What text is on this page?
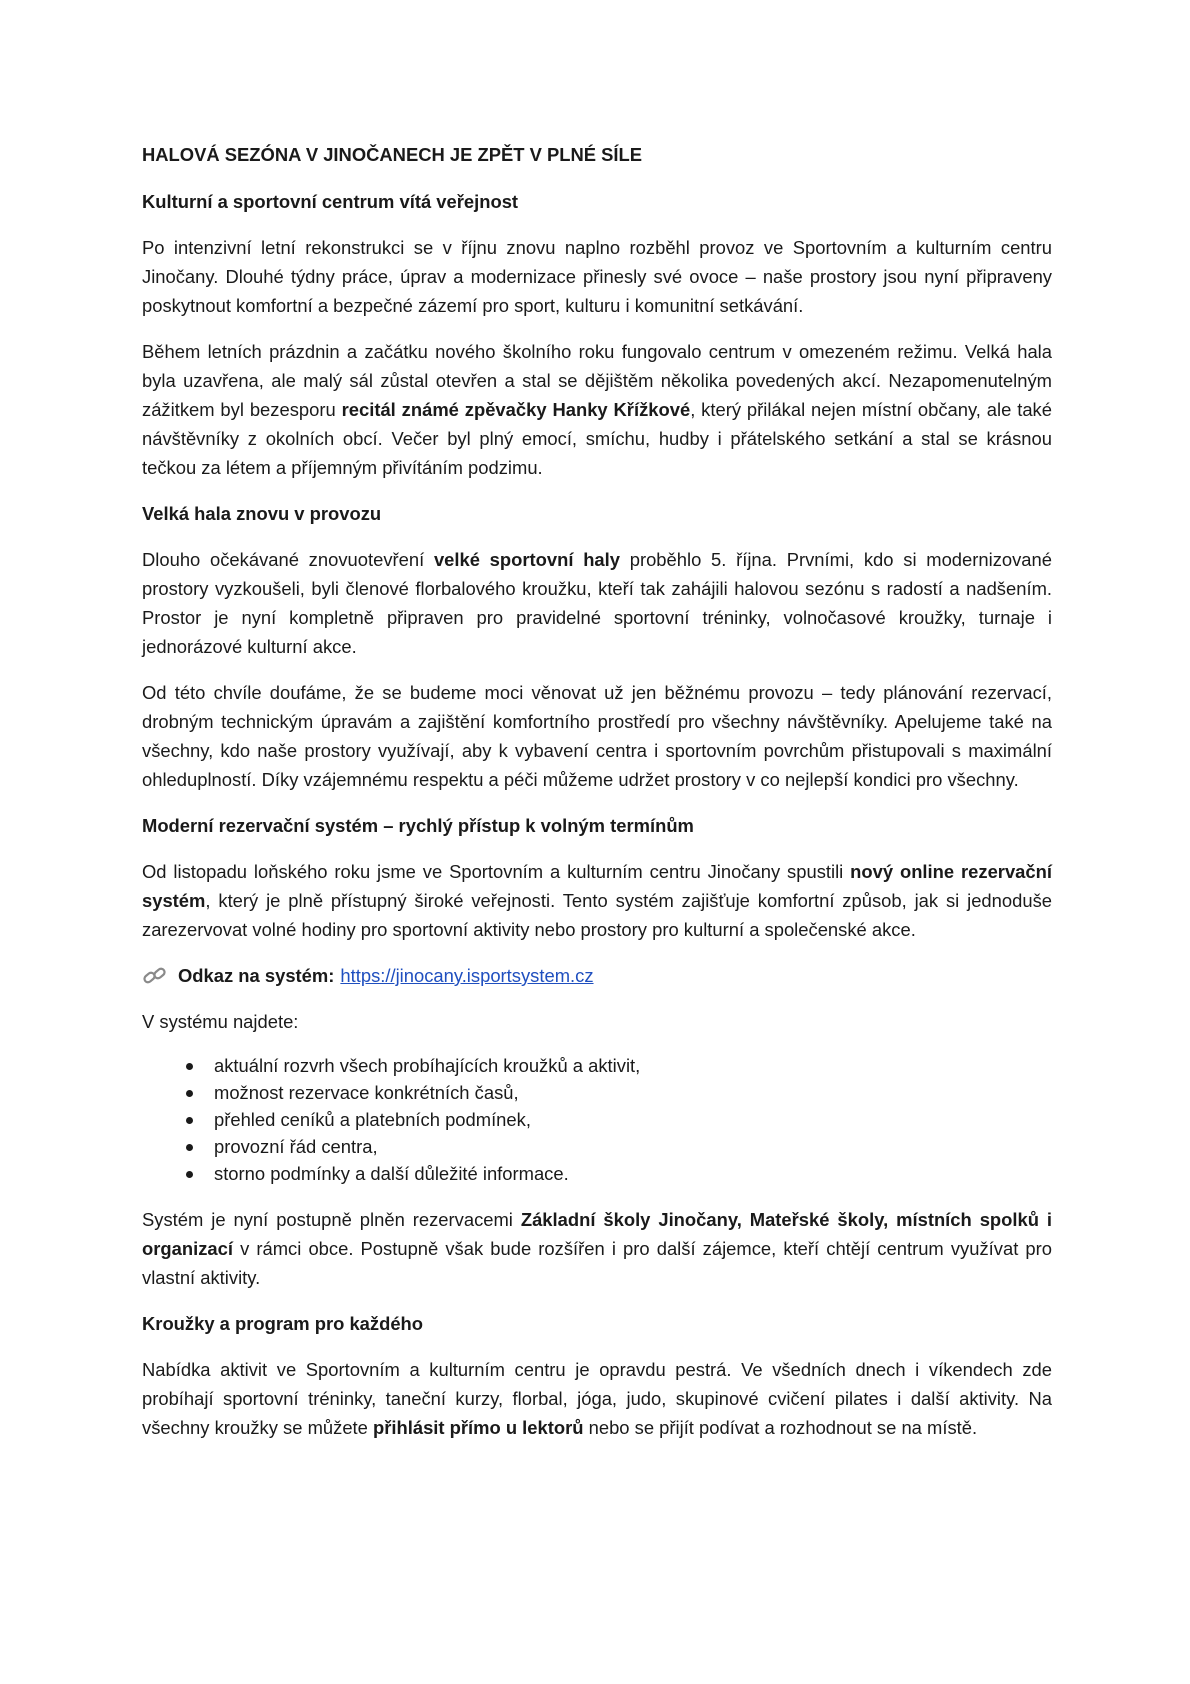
HALOVÁ SEZÓNA V JINOČANECH JE ZPĚT V PLNÉ SÍLE
Kulturní a sportovní centrum vítá veřejnost

Po intenzivní letní rekonstrukci se v říjnu znovu naplno rozběhl provoz ve Sportovním a kulturním centru Jinočany. Dlouhé týdny práce, úprav a modernizace přinesly své ovoce – naše prostory jsou nyní připraveny poskytnout komfortní a bezpečné zázemí pro sport, kulturu i komunitní setkávání.

Během letních prázdnin a začátku nového školního roku fungovalo centrum v omezeném režimu. Velká hala byla uzavřena, ale malý sál zůstal otevřen a stal se dějištěm několika povedených akcí. Nezapomenutelným zážitkem byl bezesporu recitál známé zpěvačky Hanky Křížkové, který přilákal nejen místní občany, ale také návštěvníky z okolních obcí. Večer byl plný emocí, smíchu, hudby i přátelského setkání a stal se krásnou tečkou za létem a příjemným přivítáním podzimu.

Velká hala znovu v provozu

Dlouho očekávané znovuotevření velké sportovní haly proběhlo 5. října. Prvními, kdo si modernizované prostory vyzkoušeli, byli členové florbalového kroužku, kteří tak zahájili halovou sezónu s radostí a nadšením. Prostor je nyní kompletně připraven pro pravidelné sportovní tréninky, volnočasové kroužky, turnaje i jednorázové kulturní akce.

Od této chvíle doufáme, že se budeme moci věnovat už jen běžnému provozu – tedy plánování rezervací, drobným technickým úpravám a zajištění komfortního prostředí pro všechny návštěvníky. Apelujeme také na všechny, kdo naše prostory využívají, aby k vybavení centra i sportovním povrchům přistupovali s maximální ohleduplností. Díky vzájemnému respektu a péči můžeme udržet prostory v co nejlepší kondici pro všechny.

Moderní rezervační systém – rychlý přístup k volným termínům

Od listopadu loňského roku jsme ve Sportovním a kulturním centru Jinočany spustili nový online rezervační systém, který je plně přístupný široké veřejnosti. Tento systém zajišťuje komfortní způsob, jak si jednoduše zarezervovat volné hodiny pro sportovní aktivity nebo prostory pro kulturní a společenské akce.

Odkaz na systém: https://jinocany.isportsystem.cz
V systému najdete:
aktuální rozvrh všech probíhajících kroužků a aktivit,
možnost rezervace konkrétních časů,
přehled ceníků a platebních podmínek,
provozní řád centra,
storno podmínky a další důležité informace.

Systém je nyní postupně plněn rezervacemi Základní školy Jinočany, Mateřské školy, místních spolků i organizací v rámci obce. Postupně však bude rozšířen i pro další zájemce, kteří chtějí centrum využívat pro vlastní aktivity.

Kroužky a program pro každého

Nabídka aktivit ve Sportovním a kulturním centru je opravdu pestrá. Ve všedních dnech i víkendech zde probíhají sportovní tréninky, taneční kurzy, florbal, jóga, judo, skupinové cvičení pilates i další aktivity. Na všechny kroužky se můžete přihlásit přímo u lektorů nebo se přijít podívat a rozhodnout se na místě.
